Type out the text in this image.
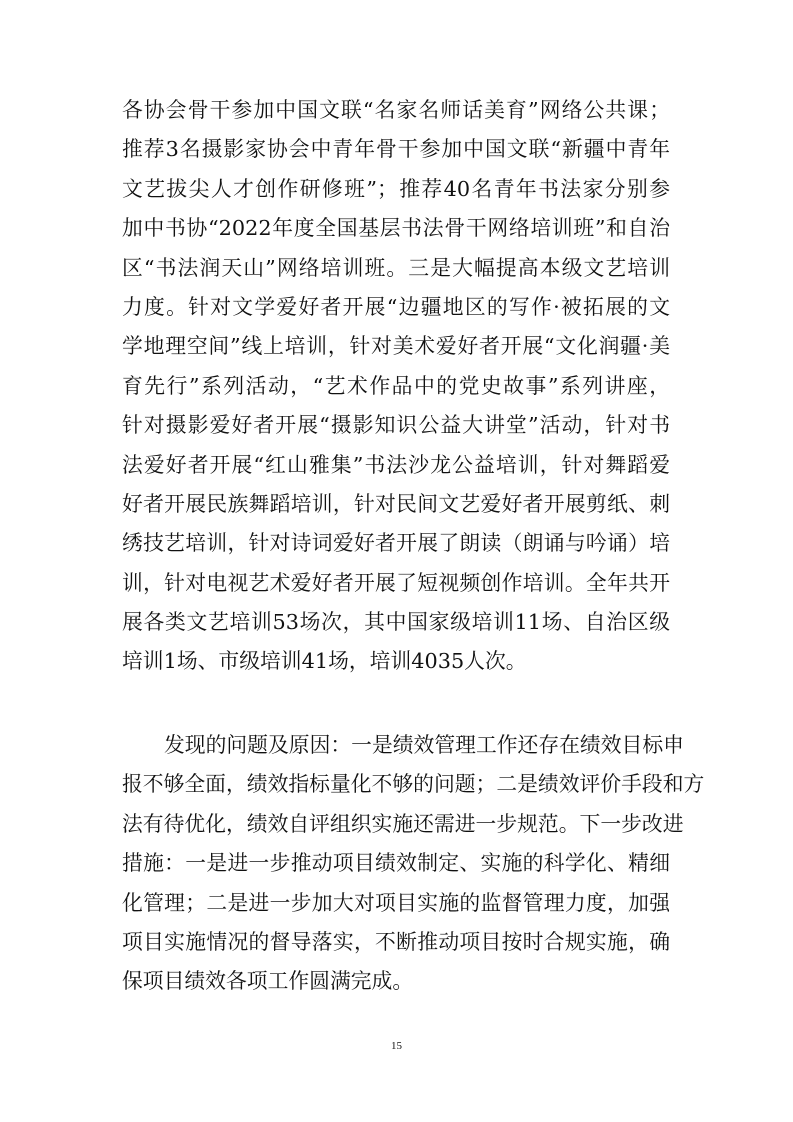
各协会骨干参加中国文联“名家名师话美育”网络公共课；
推荐3名摄影家协会中青年骨干参加中国文联“新疆中青年
文艺拔尖人才创作研修班”；推荐40名青年书法家分别参
加中书协“2022年度全国基层书法骨干网络培训班”和自治
区“书法润天山”网络培训班。三是大幅提高本级文艺培训
力度。针对文学爱好者开展“边疆地区的写作·被拓展的文
学地理空间”线上培训，针对美术爱好者开展“文化润疆·美
育先行”系列活动，“艺术作品中的党史故事”系列讲座，
针对摄影爱好者开展“摄影知识公益大讲堂”活动，针对书
法爱好者开展“红山雅集”书法沙龙公益培训，针对舞蹈爱
好者开展民族舞蹈培训，针对民间文艺爱好者开展剪纸、刺
绣技艺培训，针对诗词爱好者开展了朗读（朗诵与吟诵）培
训，针对电视艺术爱好者开展了短视频创作培训。全年共开
展各类文艺培训53场次，其中国家级培训11场、自治区级
培训1场、市级培训41场，培训4035人次。
发现的问题及原因：一是绩效管理工作还存在绩效目标申
报不够全面，绩效指标量化不够的问题；二是绩效评价手段和方
法有待优化，绩效自评组织实施还需进一步规范。下一步改进
措施：一是进一步推动项目绩效制定、实施的科学化、精细
化管理；二是进一步加大对项目实施的监督管理力度，加强
项目实施情况的督导落实，不断推动项目按时合规实施，确
保项目绩效各项工作圆满完成。
15
